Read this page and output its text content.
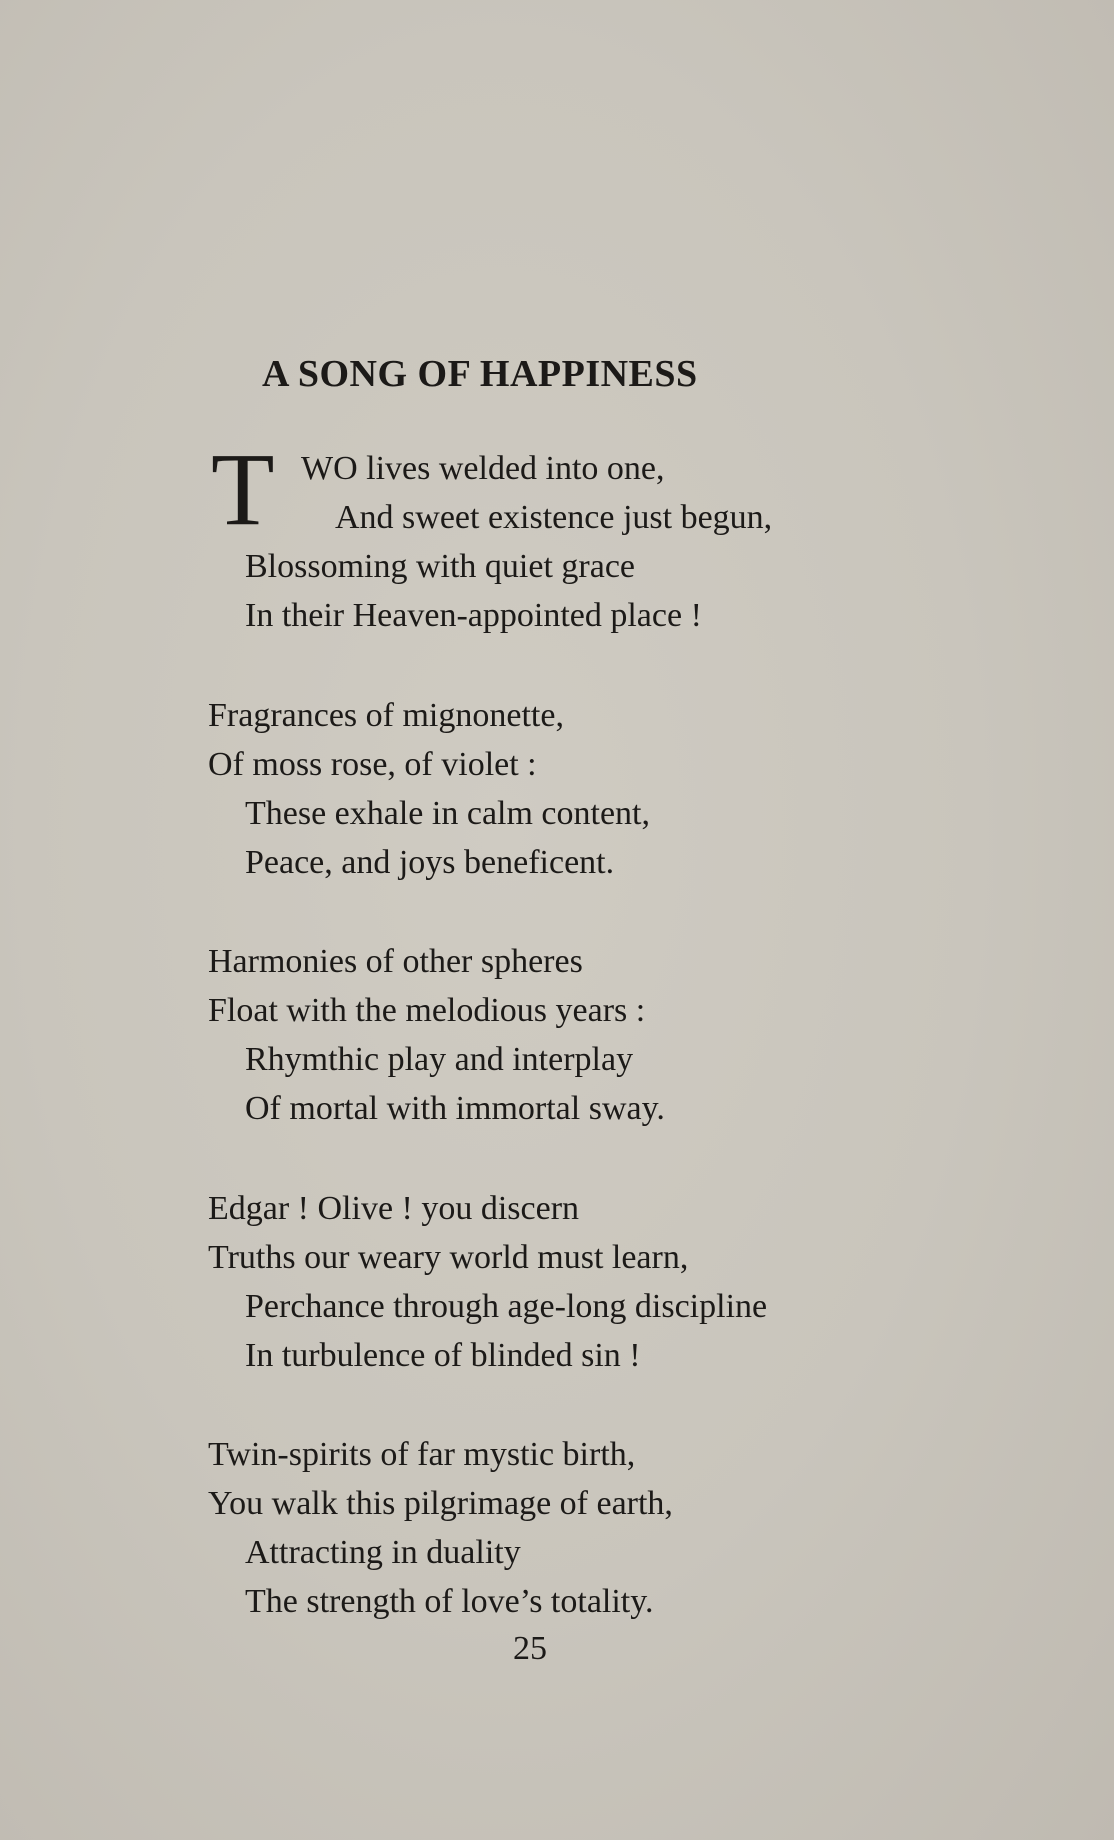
A SONG OF HAPPINESS
T WO lives welded into one,
And sweet existence just begun,
Blossoming with quiet grace
In their Heaven-appointed place !
Fragrances of mignonette,
Of moss rose, of violet :
These exhale in calm content,
Peace, and joys beneficent.
Harmonies of other spheres
Float with the melodious years :
Rhymthic play and interplay
Of mortal with immortal sway.
Edgar ! Olive ! you discern
Truths our weary world must learn,
Perchance through age-long discipline
In turbulence of blinded sin !
Twin-spirits of far mystic birth,
You walk this pilgrimage of earth,
Attracting in duality
The strength of love’s totality.
25
